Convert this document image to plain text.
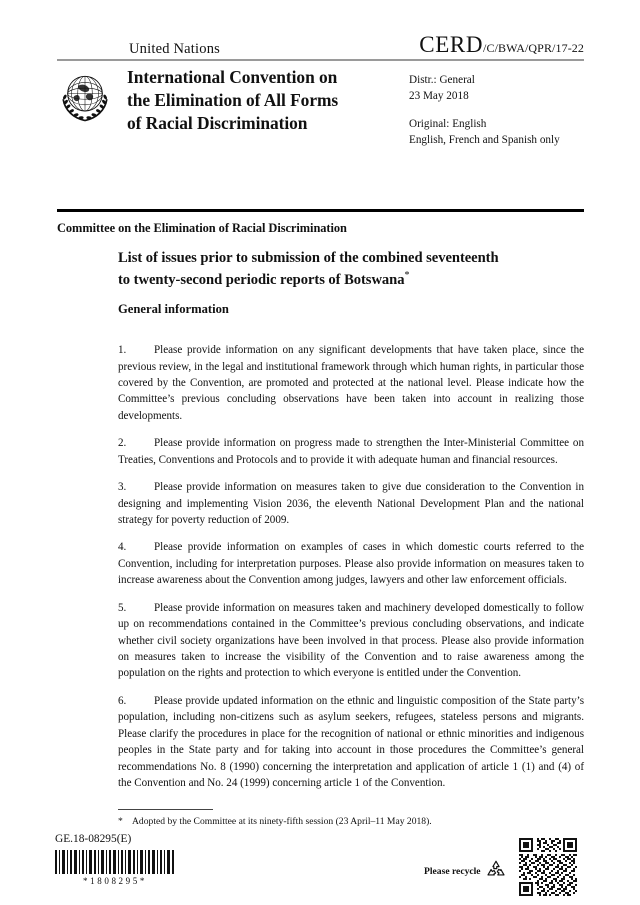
United Nations	CERD /C/BWA/QPR/17-22
International Convention on
the Elimination of All Forms
of Racial Discrimination
Distr.: General
23 May 2018
Original: English
English, French and Spanish only
Committee on the Elimination of Racial Discrimination
List of issues prior to submission of the combined seventeenth
to twenty-second periodic reports of Botswana*
General information

1. Please provide information on any significant developments that have taken place, since the previous review, in the legal and institutional framework through which human rights, in particular those covered by the Convention, are promoted and protected at the national level. Please indicate how the Committee’s previous concluding observations have been taken into account in realizing those developments.

2. Please provide information on progress made to strengthen the Inter-Ministerial Committee on Treaties, Conventions and Protocols and to provide it with adequate human and financial resources.

3. Please provide information on measures taken to give due consideration to the Convention in designing and implementing Vision 2036, the eleventh National Development Plan and the national strategy for poverty reduction of 2009.

4. Please provide information on examples of cases in which domestic courts referred to the Convention, including for interpretation purposes. Please also provide information on measures taken to increase awareness about the Convention among judges, lawyers and other law enforcement officials.

5. Please provide information on measures taken and machinery developed domestically to follow up on recommendations contained in the Committee’s previous concluding observations, and indicate whether civil society organizations have been involved in that process. Please also provide information on measures taken to increase the visibility of the Convention and to raise awareness among the population on the rights and protection to which everyone is entitled under the Convention.

6. Please provide updated information on the ethnic and linguistic composition of the State party’s population, including non-citizens such as asylum seekers, refugees, stateless persons and migrants. Please clarify the procedures in place for the recognition of national or ethnic minorities and indigenous peoples in the State party and for taking into account in those procedures the Committee’s general recommendations No. 8 (1990) concerning the interpretation and application of article 1 (1) and (4) of the Convention and No. 24 (1999) concerning article 1 of the Convention.

* Adopted by the Committee at its ninety-fifth session (23 April–11 May 2018).
GE.18-08295(E)
*1808295*
Please recycle
